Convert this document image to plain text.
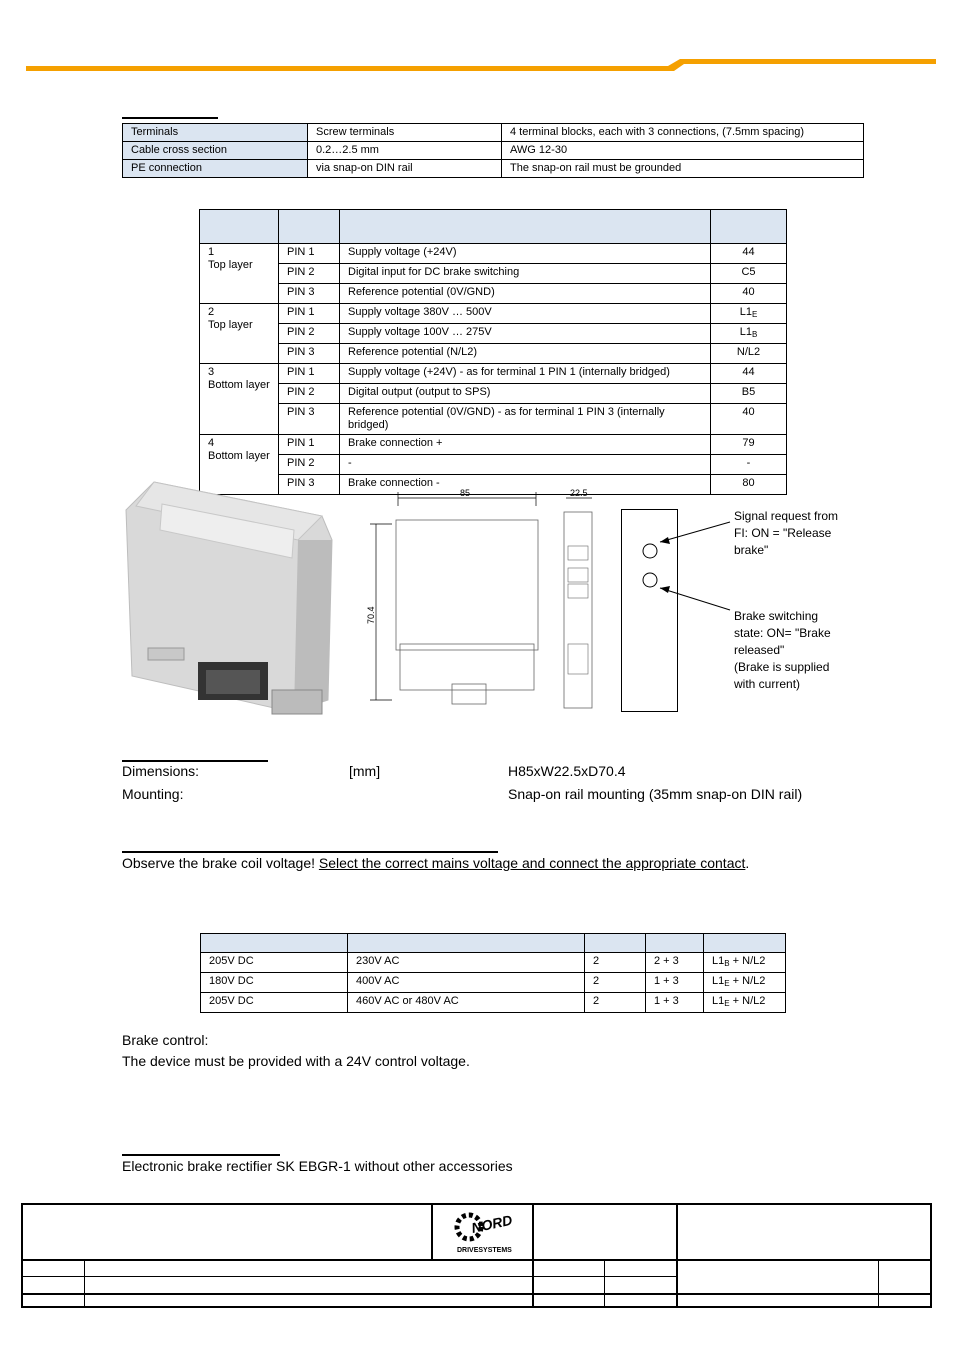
Terminals	Screw terminals	4 terminal blocks, each with 3 connections, (7.5mm spacing)
Cable cross section	0.2…2.5 mm	AWG 12-30
PE connection	via snap-on DIN rail	The snap-on rail must be grounded

1
Top layer	PIN 1	Supply voltage (+24V)	44
	PIN 2	Digital input for DC brake switching	C5
	PIN 3	Reference potential (0V/GND)	40

2
Top layer	PIN 1	Supply voltage 380V … 500V	$L1_E$
	PIN 2	Supply voltage 100V … 275V	$L1_B$
	PIN 3	Reference potential (N/L2)	N/L2

3
Bottom layer	PIN 1	Supply voltage (+24V) - as for terminal 1 PIN 1 (internally bridged)	44
	PIN 2	Digital output (output to SPS)	B5
	PIN 3	Reference potential (0V/GND) - as for terminal 1 PIN 3 (internally bridged)	40

4
Bottom layer	PIN 1	Brake connection +	79
	PIN 2	-	-
	PIN 3	Brake connection -	80
85	22.5
70.4
Signal request from
FI: ON = "Release
brake"
Brake switching
state: ON= "Brake
released"
(Brake is supplied
with current)
Dimensions:	[mm]	H85xW22.5xD70.4
Mounting:	Snap-on rail mounting (35mm snap-on DIN rail)
Observe the brake coil voltage! Select the correct mains voltage and connect the appropriate contact.

205V DC	230V AC	2	2 + 3	$L1_B + N/L2$
180V DC	400V AC	2	1 + 3	$L1_E + N/L2$
205V DC	460V AC or 480V AC	2	1 + 3	$L1_E + N/L2$
Brake control:
The device must be provided with a 24V control voltage.
Electronic brake rectifier SK EBGR-1 without other accessories
NORD
DRIVESYSTEMS
